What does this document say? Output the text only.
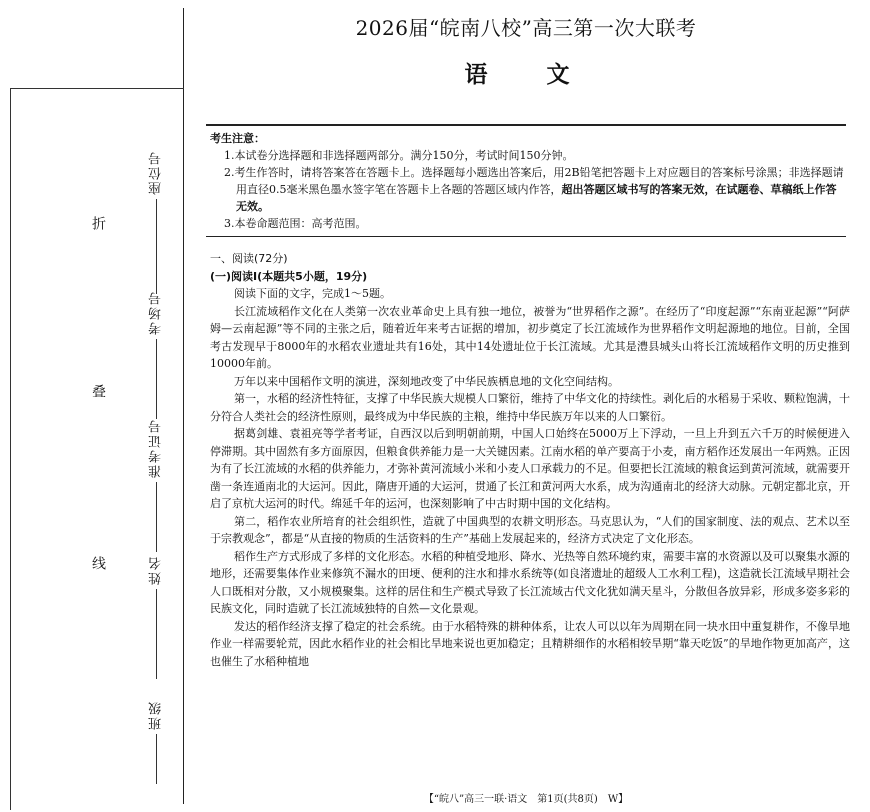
折
叠
线
座位号
考场号
准考证号
姓名
班级
2026届“皖南八校”高三第一次大联考
语　文
考生注意：

1.本试卷分选择题和非选择题两部分。满分150分，考试时间150分钟。

2.考生作答时，请将答案答在答题卡上。选择题每小题选出答案后，用2B铅笔把答题卡上对应题目的答案标号涂黑；非选择题请用直径0.5毫米黑色墨水签字笔在答题卡上各题的答题区域内作答，超出答题区域书写的答案无效，在试题卷、草稿纸上作答无效。

3.本卷命题范围：高考范围。

一、阅读(72分)
(一)阅读Ⅰ(本题共5小题，19分)

阅读下面的文字，完成1～5题。

长江流域稻作文化在人类第一次农业革命史上具有独一地位，被誉为“世界稻作之源”。在经历了“印度起源”“东南亚起源”“阿萨姆—云南起源”等不同的主张之后，随着近年来考古证据的增加，初步奠定了长江流域作为世界稻作文明起源地的地位。目前，全国考古发现早于8000年的水稻农业遗址共有16处，其中14处遗址位于长江流域。尤其是澧县城头山将长江流域稻作文明的历史推到10000年前。

万年以来中国稻作文明的演进，深刻地改变了中华民族栖息地的文化空间结构。

第一，水稻的经济性特征，支撑了中华民族大规模人口繁衍，维持了中华文化的持续性。剥化后的水稻易于采收、颗粒饱满，十分符合人类社会的经济性原则，最终成为中华民族的主粮，维持中华民族万年以来的人口繁衍。

据葛剑雄、袁祖亮等学者考证，自西汉以后到明朝前期，中国人口始终在5000万上下浮动，一旦上升到五六千万的时候便进入停滞期。其中固然有多方面原因，但粮食供养能力是一大关键因素。江南水稻的单产要高于小麦，南方稻作还发展出一年两熟。正因为有了长江流域的水稻的供养能力，才弥补黄河流域小米和小麦人口承载力的不足。但要把长江流域的粮食运到黄河流域，就需要开凿一条连通南北的大运河。因此，隋唐开通的大运河，贯通了长江和黄河两大水系，成为沟通南北的经济大动脉。元朝定都北京，开启了京杭大运河的时代。绵延千年的运河，也深刻影响了中古时期中国的文化结构。

第二，稻作农业所培育的社会组织性，造就了中国典型的农耕文明形态。马克思认为，“人们的国家制度、法的观点、艺术以至于宗教观念”，都是“从直接的物质的生活资料的生产”基础上发展起来的，经济方式决定了文化形态。

稻作生产方式形成了多样的文化形态。水稻的种植受地形、降水、光热等自然环境约束，需要丰富的水资源以及可以聚集水源的地形，还需要集体作业来修筑不漏水的田埂、便利的注水和排水系统等(如良渚遗址的超级人工水利工程)，这造就长江流域早期社会人口既相对分散，又小规模聚集。这样的居住和生产模式导致了长江流域古代文化犹如满天星斗，分散但各放异彩，形成多姿多彩的民族文化，同时造就了长江流域独特的自然—文化景观。

发达的稻作经济支撑了稳定的社会系统。由于水稻特殊的耕种体系，让农人可以以年为周期在同一块水田中重复耕作，不像旱地作业一样需要轮荒，因此水稻作业的社会相比旱地来说也更加稳定；且精耕细作的水稻相较旱期“靠天吃饭”的旱地作物更加高产，这也催生了水稻种植地

【“皖八”高三一联·语文　第1页(共8页)　W】
